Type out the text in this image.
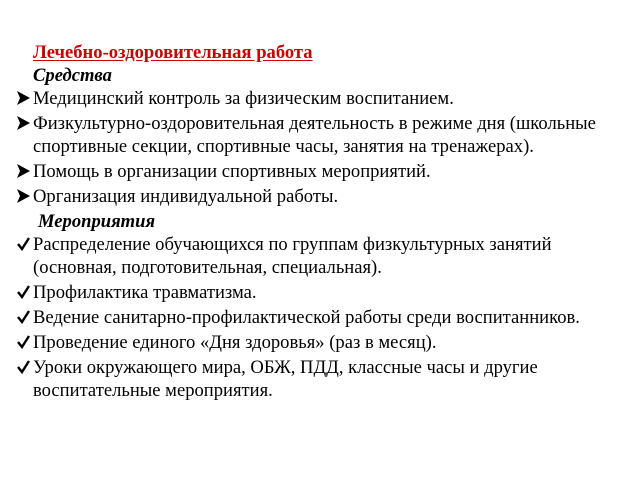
Лечебно-оздоровительная работа

Средства

Медицинский контроль за физическим воспитанием.
Физкультурно-оздоровительная деятельность в режиме дня (школьные спортивные секции, спортивные часы, занятия на тренажерах).
Помощь в организации спортивных мероприятий.
Организация индивидуальной работы.

Мероприятия

Распределение обучающихся по группам физкультурных занятий (основная, подготовительная, специальная).
Профилактика травматизма.
Ведение санитарно-профилактической работы среди воспитанников.
Проведение единого «Дня здоровья» (раз в месяц).
Уроки окружающего мира, ОБЖ, ПДД, классные часы и другие воспитательные мероприятия.
